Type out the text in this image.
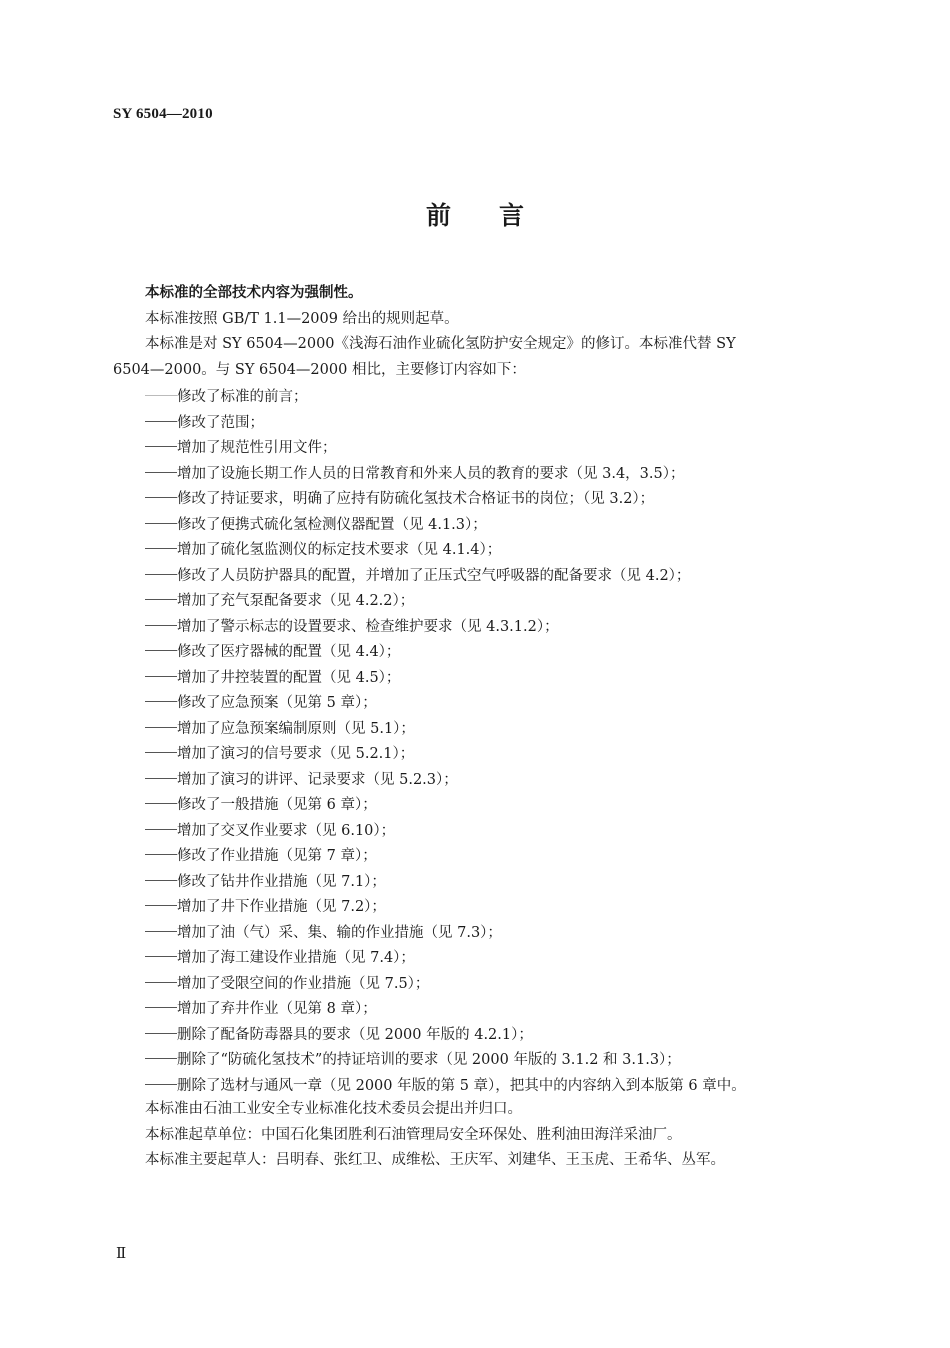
SY 6504—2010
前言
本标准的全部技术内容为强制性。
本标准按照 GB/T 1.1—2009 给出的规则起草。
本标准是对 SY 6504—2000《浅海石油作业硫化氢防护安全规定》的修订。本标准代替 SY
6504—2000。与 SY 6504—2000 相比，主要修订内容如下：
修改了标准的前言；
修改了范围；
增加了规范性引用文件；
增加了设施长期工作人员的日常教育和外来人员的教育的要求（见 3.4，3.5）；
修改了持证要求，明确了应持有防硫化氢技术合格证书的岗位；（见 3.2）；
修改了便携式硫化氢检测仪器配置（见 4.1.3）；
增加了硫化氢监测仪的标定技术要求（见 4.1.4）；
修改了人员防护器具的配置，并增加了正压式空气呼吸器的配备要求（见 4.2）；
增加了充气泵配备要求（见 4.2.2）；
增加了警示标志的设置要求、检查维护要求（见 4.3.1.2）；
修改了医疗器械的配置（见 4.4）；
增加了井控装置的配置（见 4.5）；
修改了应急预案（见第 5 章）；
增加了应急预案编制原则（见 5.1）；
增加了演习的信号要求（见 5.2.1）；
增加了演习的讲评、记录要求（见 5.2.3）；
修改了一般措施（见第 6 章）；
增加了交叉作业要求（见 6.10）；
修改了作业措施（见第 7 章）；
修改了钻井作业措施（见 7.1）；
增加了井下作业措施（见 7.2）；
增加了油（气）采、集、输的作业措施（见 7.3）；
增加了海工建设作业措施（见 7.4）；
增加了受限空间的作业措施（见 7.5）；
增加了弃井作业（见第 8 章）；
删除了配备防毒器具的要求（见 2000 年版的 4.2.1）；
删除了“防硫化氢技术”的持证培训的要求（见 2000 年版的 3.1.2 和 3.1.3）；
删除了选材与通风一章（见 2000 年版的第 5 章），把其中的内容纳入到本版第 6 章中。
本标准由石油工业安全专业标准化技术委员会提出并归口。
本标准起草单位：中国石化集团胜利石油管理局安全环保处、胜利油田海洋采油厂。
本标准主要起草人：吕明春、张红卫、成维松、王庆军、刘建华、王玉虎、王希华、丛军。
Ⅱ
